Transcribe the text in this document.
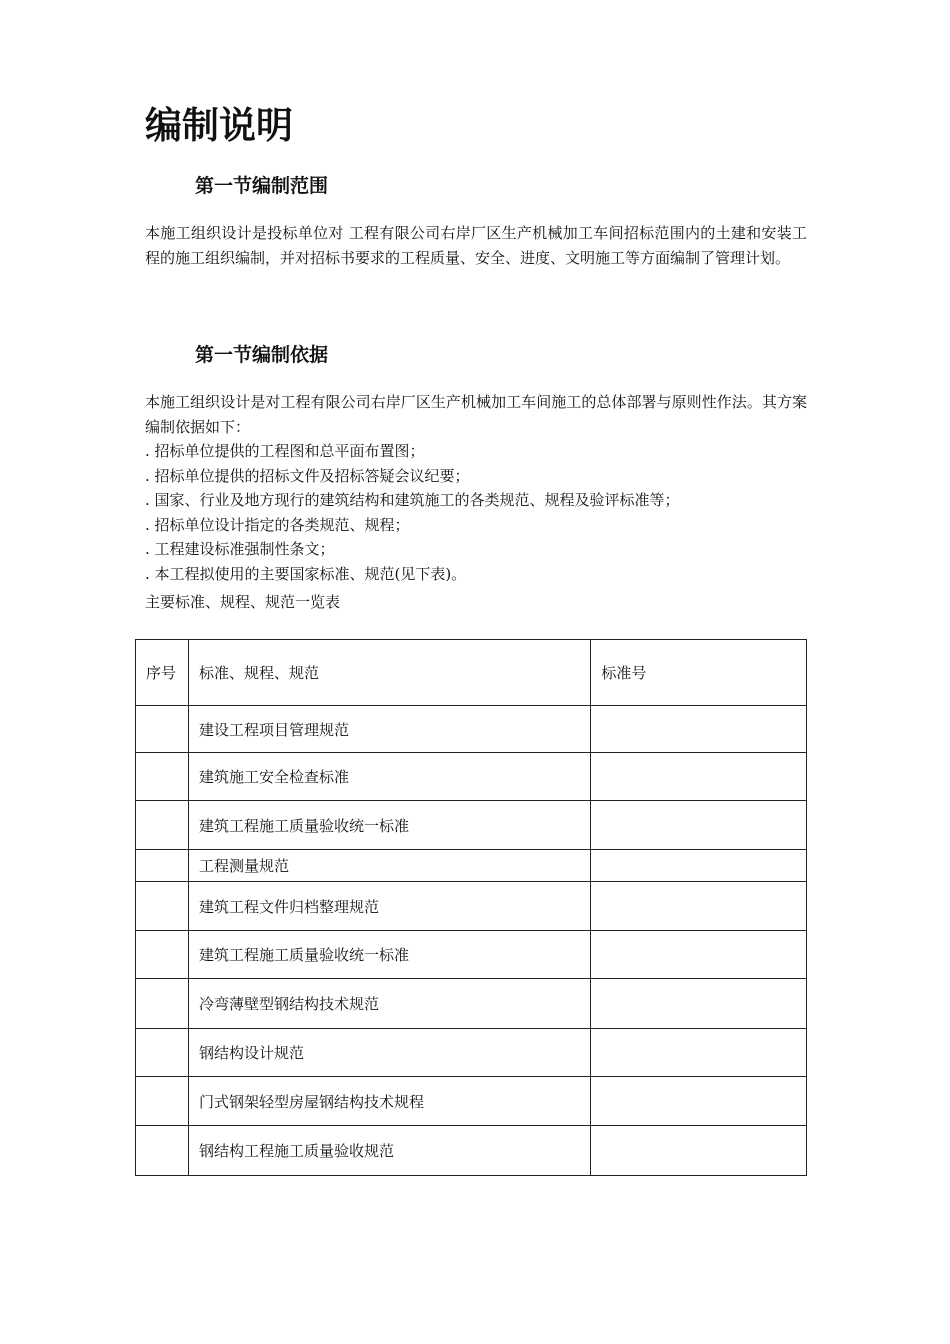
编制说明
第一节编制范围

本施工组织设计是投标单位对 工程有限公司右岸厂区生产机械加工车间招标范围内的土建和安装工程的施工组织编制，并对招标书要求的工程质量、安全、进度、文明施工等方面编制了管理计划。

第一节编制依据

本施工组织设计是对工程有限公司右岸厂区生产机械加工车间施工的总体部署与原则性作法。其方案编制依据如下：

. 招标单位提供的工程图和总平面布置图；
. 招标单位提供的招标文件及招标答疑会议纪要；
. 国家、行业及地方现行的建筑结构和建筑施工的各类规范、规程及验评标准等；
. 招标单位设计指定的各类规范、规程；
. 工程建设标准强制性条文；
. 本工程拟使用的主要国家标准、规范(见下表)。

主要标准、规程、规范一览表

序号	标准、规程、规范	标准号
	建设工程项目管理规范	
	建筑施工安全检查标准	
	建筑工程施工质量验收统一标准	
	工程测量规范	
	建筑工程文件归档整理规范	
	建筑工程施工质量验收统一标准	
	冷弯薄壁型钢结构技术规范	
	钢结构设计规范	
	门式钢架轻型房屋钢结构技术规程	
	钢结构工程施工质量验收规范	
